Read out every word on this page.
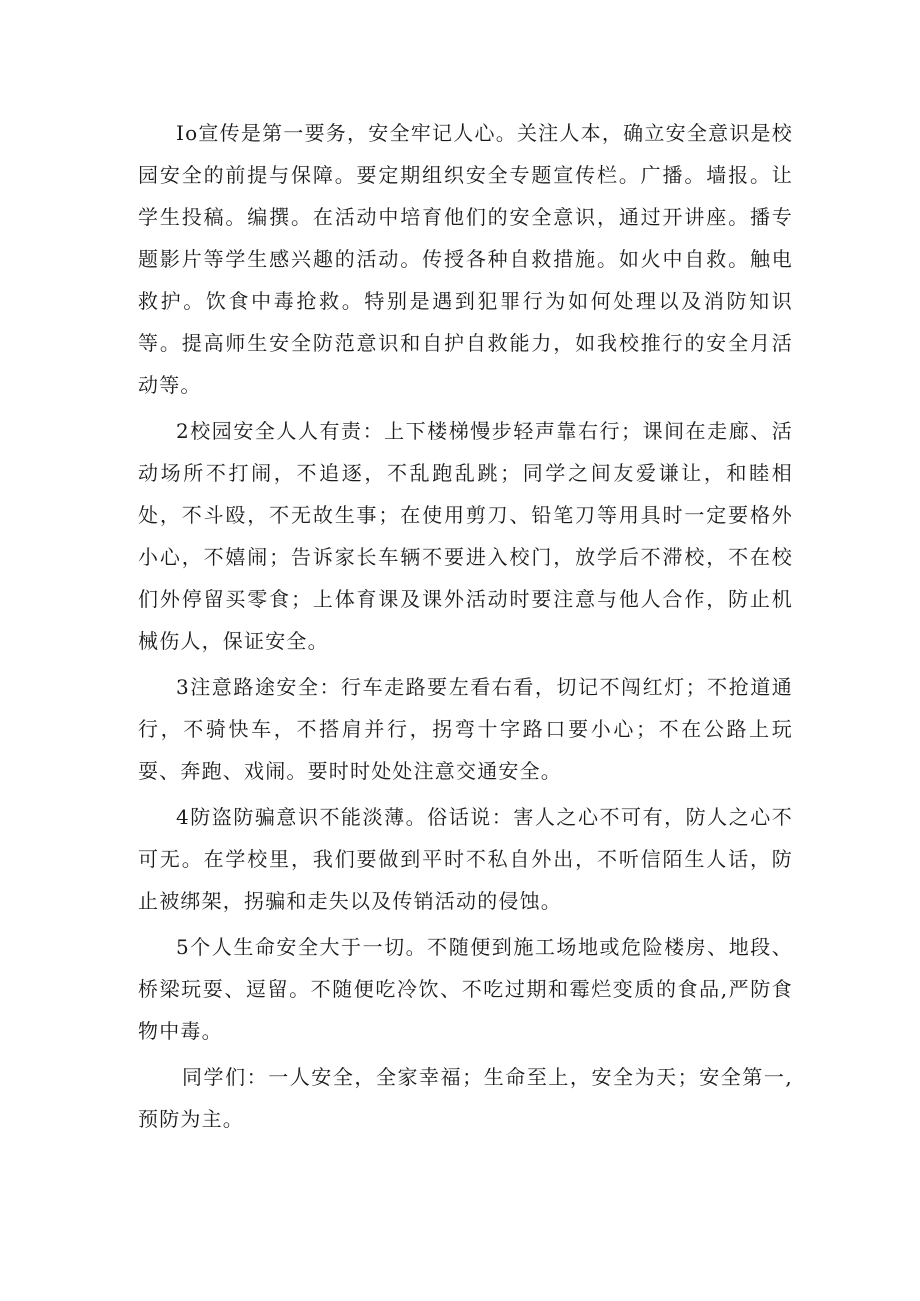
Io宣传是第一要务，安全牢记人心。关注人本，确立安全意识是校园安全的前提与保障。要定期组织安全专题宣传栏。广播。墙报。让学生投稿。编撰。在活动中培育他们的安全意识，通过开讲座。播专题影片等学生感兴趣的活动。传授各种自救措施。如火中自救。触电救护。饮食中毒抢救。特别是遇到犯罪行为如何处理以及消防知识等。提高师生安全防范意识和自护自救能力，如我校推行的安全月活动等。

2校园安全人人有责：上下楼梯慢步轻声靠右行；课间在走廊、活动场所不打闹，不追逐，不乱跑乱跳；同学之间友爱谦让，和睦相处，不斗殴，不无故生事；在使用剪刀、铅笔刀等用具时一定要格外小心，不嬉闹；告诉家长车辆不要进入校门，放学后不滞校，不在校们外停留买零食；上体育课及课外活动时要注意与他人合作，防止机械伤人，保证安全。

3注意路途安全：行车走路要左看右看，切记不闯红灯；不抢道通行，不骑快车，不搭肩并行，拐弯十字路口要小心；不在公路上玩耍、奔跑、戏闹。要时时处处注意交通安全。

4防盗防骗意识不能淡薄。俗话说：害人之心不可有，防人之心不可无。在学校里，我们要做到平时不私自外出，不听信陌生人话，防止被绑架，拐骗和走失以及传销活动的侵蚀。

5个人生命安全大于一切。不随便到施工场地或危险楼房、地段、桥梁玩耍、逗留。不随便吃冷饮、不吃过期和霉烂变质的食品,严防食物中毒。

同学们：一人安全，全家幸福；生命至上，安全为天；安全第一,预防为主。
